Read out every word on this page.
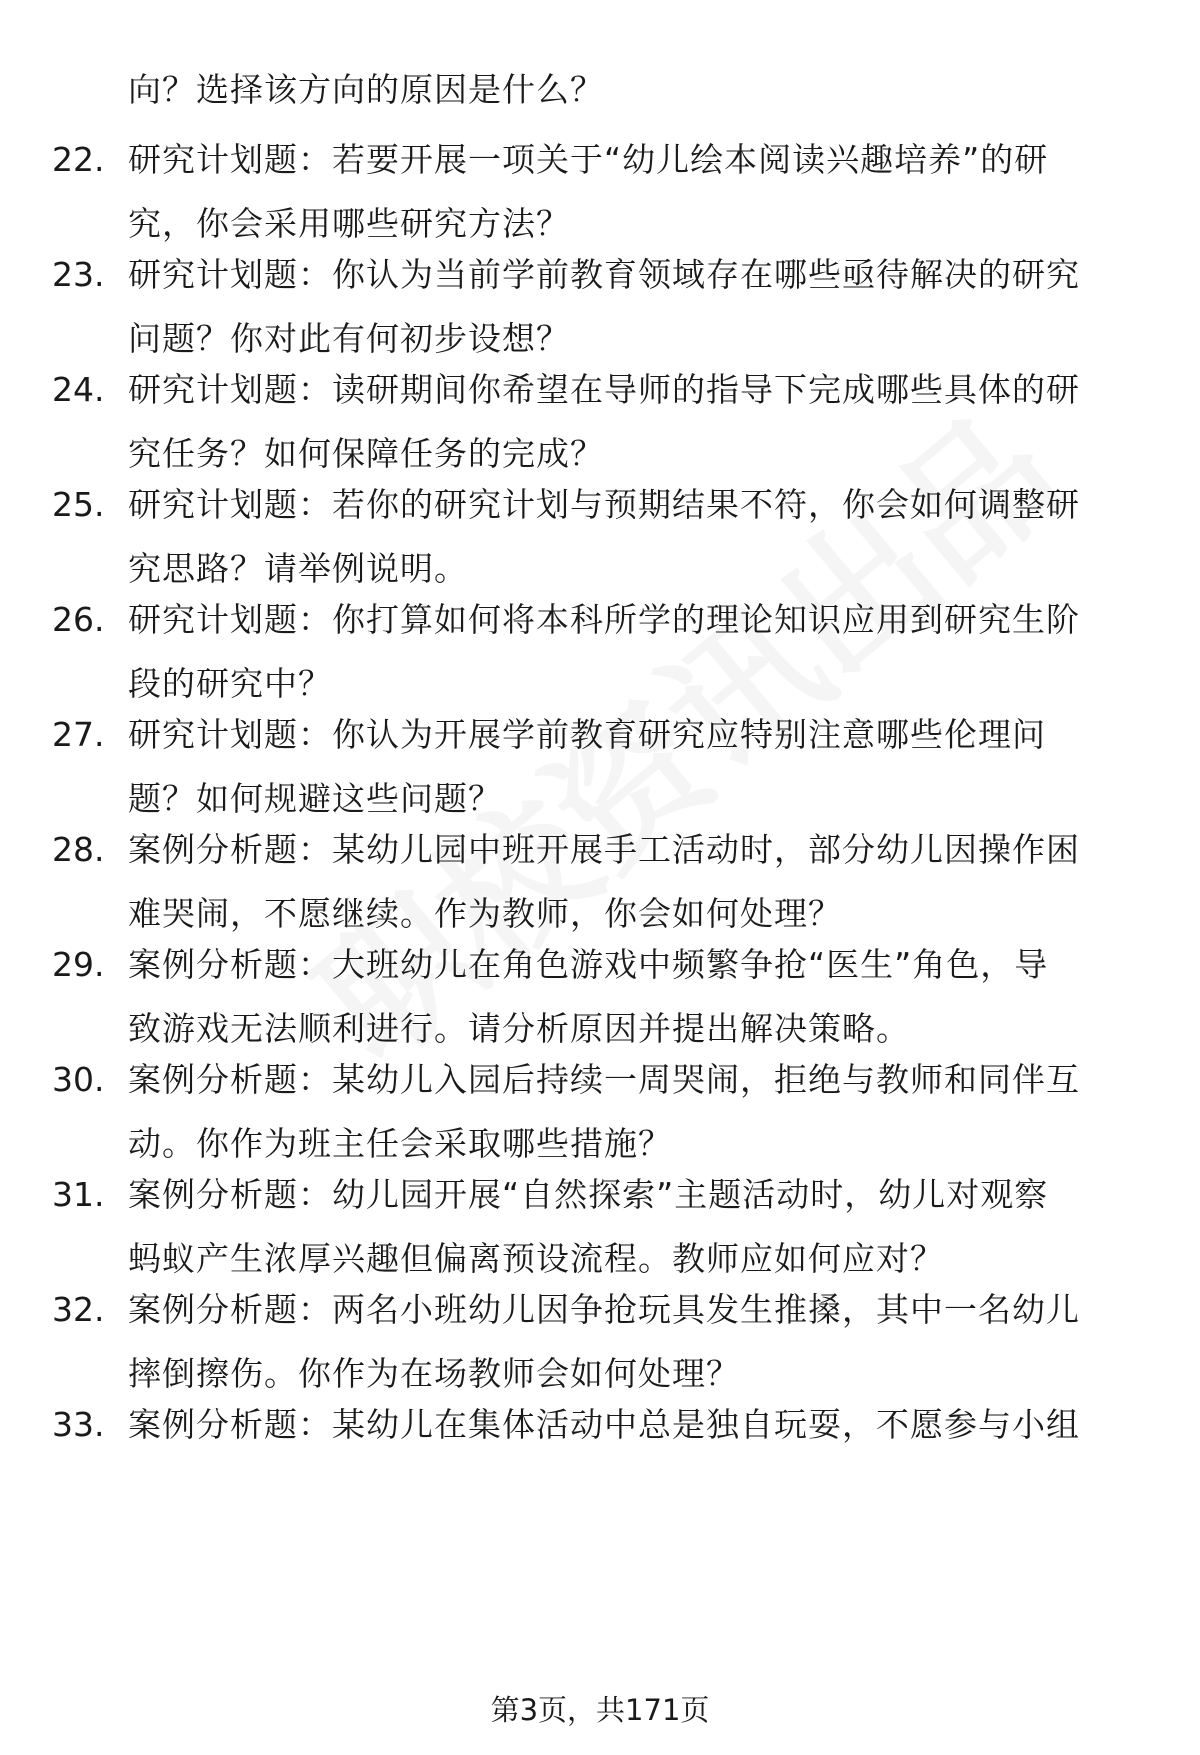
向？选择该方向的原因是什么？
22. 研究计划题：若要开展一项关于“幼儿绘本阅读兴趣培养”的研
究，你会采用哪些研究方法？
23. 研究计划题：你认为当前学前教育领域存在哪些亟待解决的研究
问题？你对此有何初步设想？
24. 研究计划题：读研期间你希望在导师的指导下完成哪些具体的研
究任务？如何保障任务的完成？
25. 研究计划题：若你的研究计划与预期结果不符，你会如何调整研
究思路？请举例说明。
26. 研究计划题：你打算如何将本科所学的理论知识应用到研究生阶
段的研究中？
27. 研究计划题：你认为开展学前教育研究应特别注意哪些伦理问
题？如何规避这些问题？
28. 案例分析题：某幼儿园中班开展手工活动时，部分幼儿因操作困
难哭闹，不愿继续。作为教师，你会如何处理？
29. 案例分析题：大班幼儿在角色游戏中频繁争抢“医生”角色，导
致游戏无法顺利进行。请分析原因并提出解决策略。
30. 案例分析题：某幼儿入园后持续一周哭闹，拒绝与教师和同伴互
动。你作为班主任会采取哪些措施？
31. 案例分析题：幼儿园开展“自然探索”主题活动时，幼儿对观察
蚂蚁产生浓厚兴趣但偏离预设流程。教师应如何应对？
32. 案例分析题：两名小班幼儿因争抢玩具发生推搡，其中一名幼儿
摔倒擦伤。你作为在场教师会如何处理？
33. 案例分析题：某幼儿在集体活动中总是独自玩耍，不愿参与小组
第3页，共171页
